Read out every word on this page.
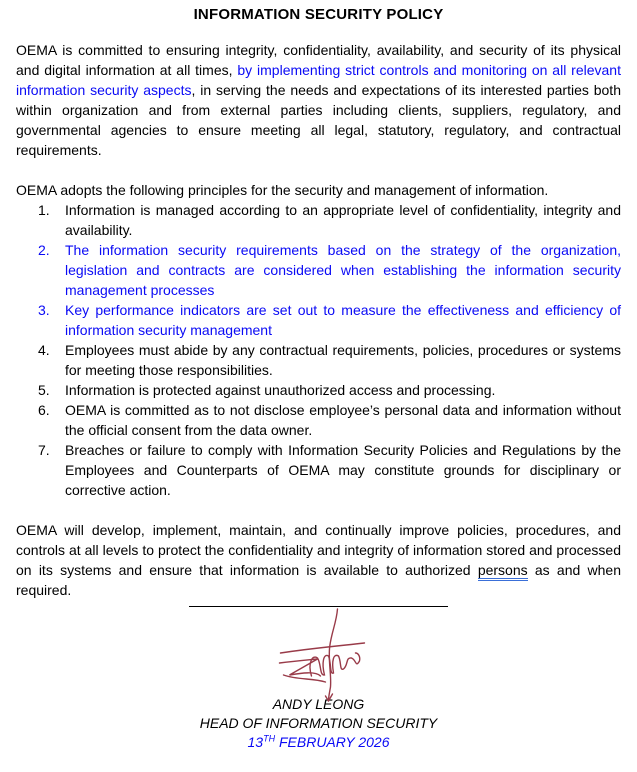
INFORMATION SECURITY POLICY

OEMA is committed to ensuring integrity, confidentiality, availability, and security of its physical and digital information at all times, by implementing strict controls and monitoring on all relevant information security aspects, in serving the needs and expectations of its interested parties both within organization and from external parties including clients, suppliers, regulatory, and governmental agencies to ensure meeting all legal, statutory, regulatory, and contractual requirements.

OEMA adopts the following principles for the security and management of information.

1.	Information is managed according to an appropriate level of confidentiality, integrity and availability.
2.	The information security requirements based on the strategy of the organization, legislation and contracts are considered when establishing the information security management processes
3.	Key performance indicators are set out to measure the effectiveness and efficiency of information security management
4.	Employees must abide by any contractual requirements, policies, procedures or systems for meeting those responsibilities.
5.	Information is protected against unauthorized access and processing.
6.	OEMA is committed as to not disclose employee’s personal data and information without the official consent from the data owner.
7.	Breaches or failure to comply with Information Security Policies and Regulations by the Employees and Counterparts of OEMA may constitute grounds for disciplinary or corrective action.

OEMA will develop, implement, maintain, and continually improve policies, procedures, and controls at all levels to protect the confidentiality and integrity of information stored and processed on its systems and ensure that information is available to authorized persons as and when required.

ANDY LEONG
HEAD OF INFORMATION SECURITY
13TH FEBRUARY 2026
